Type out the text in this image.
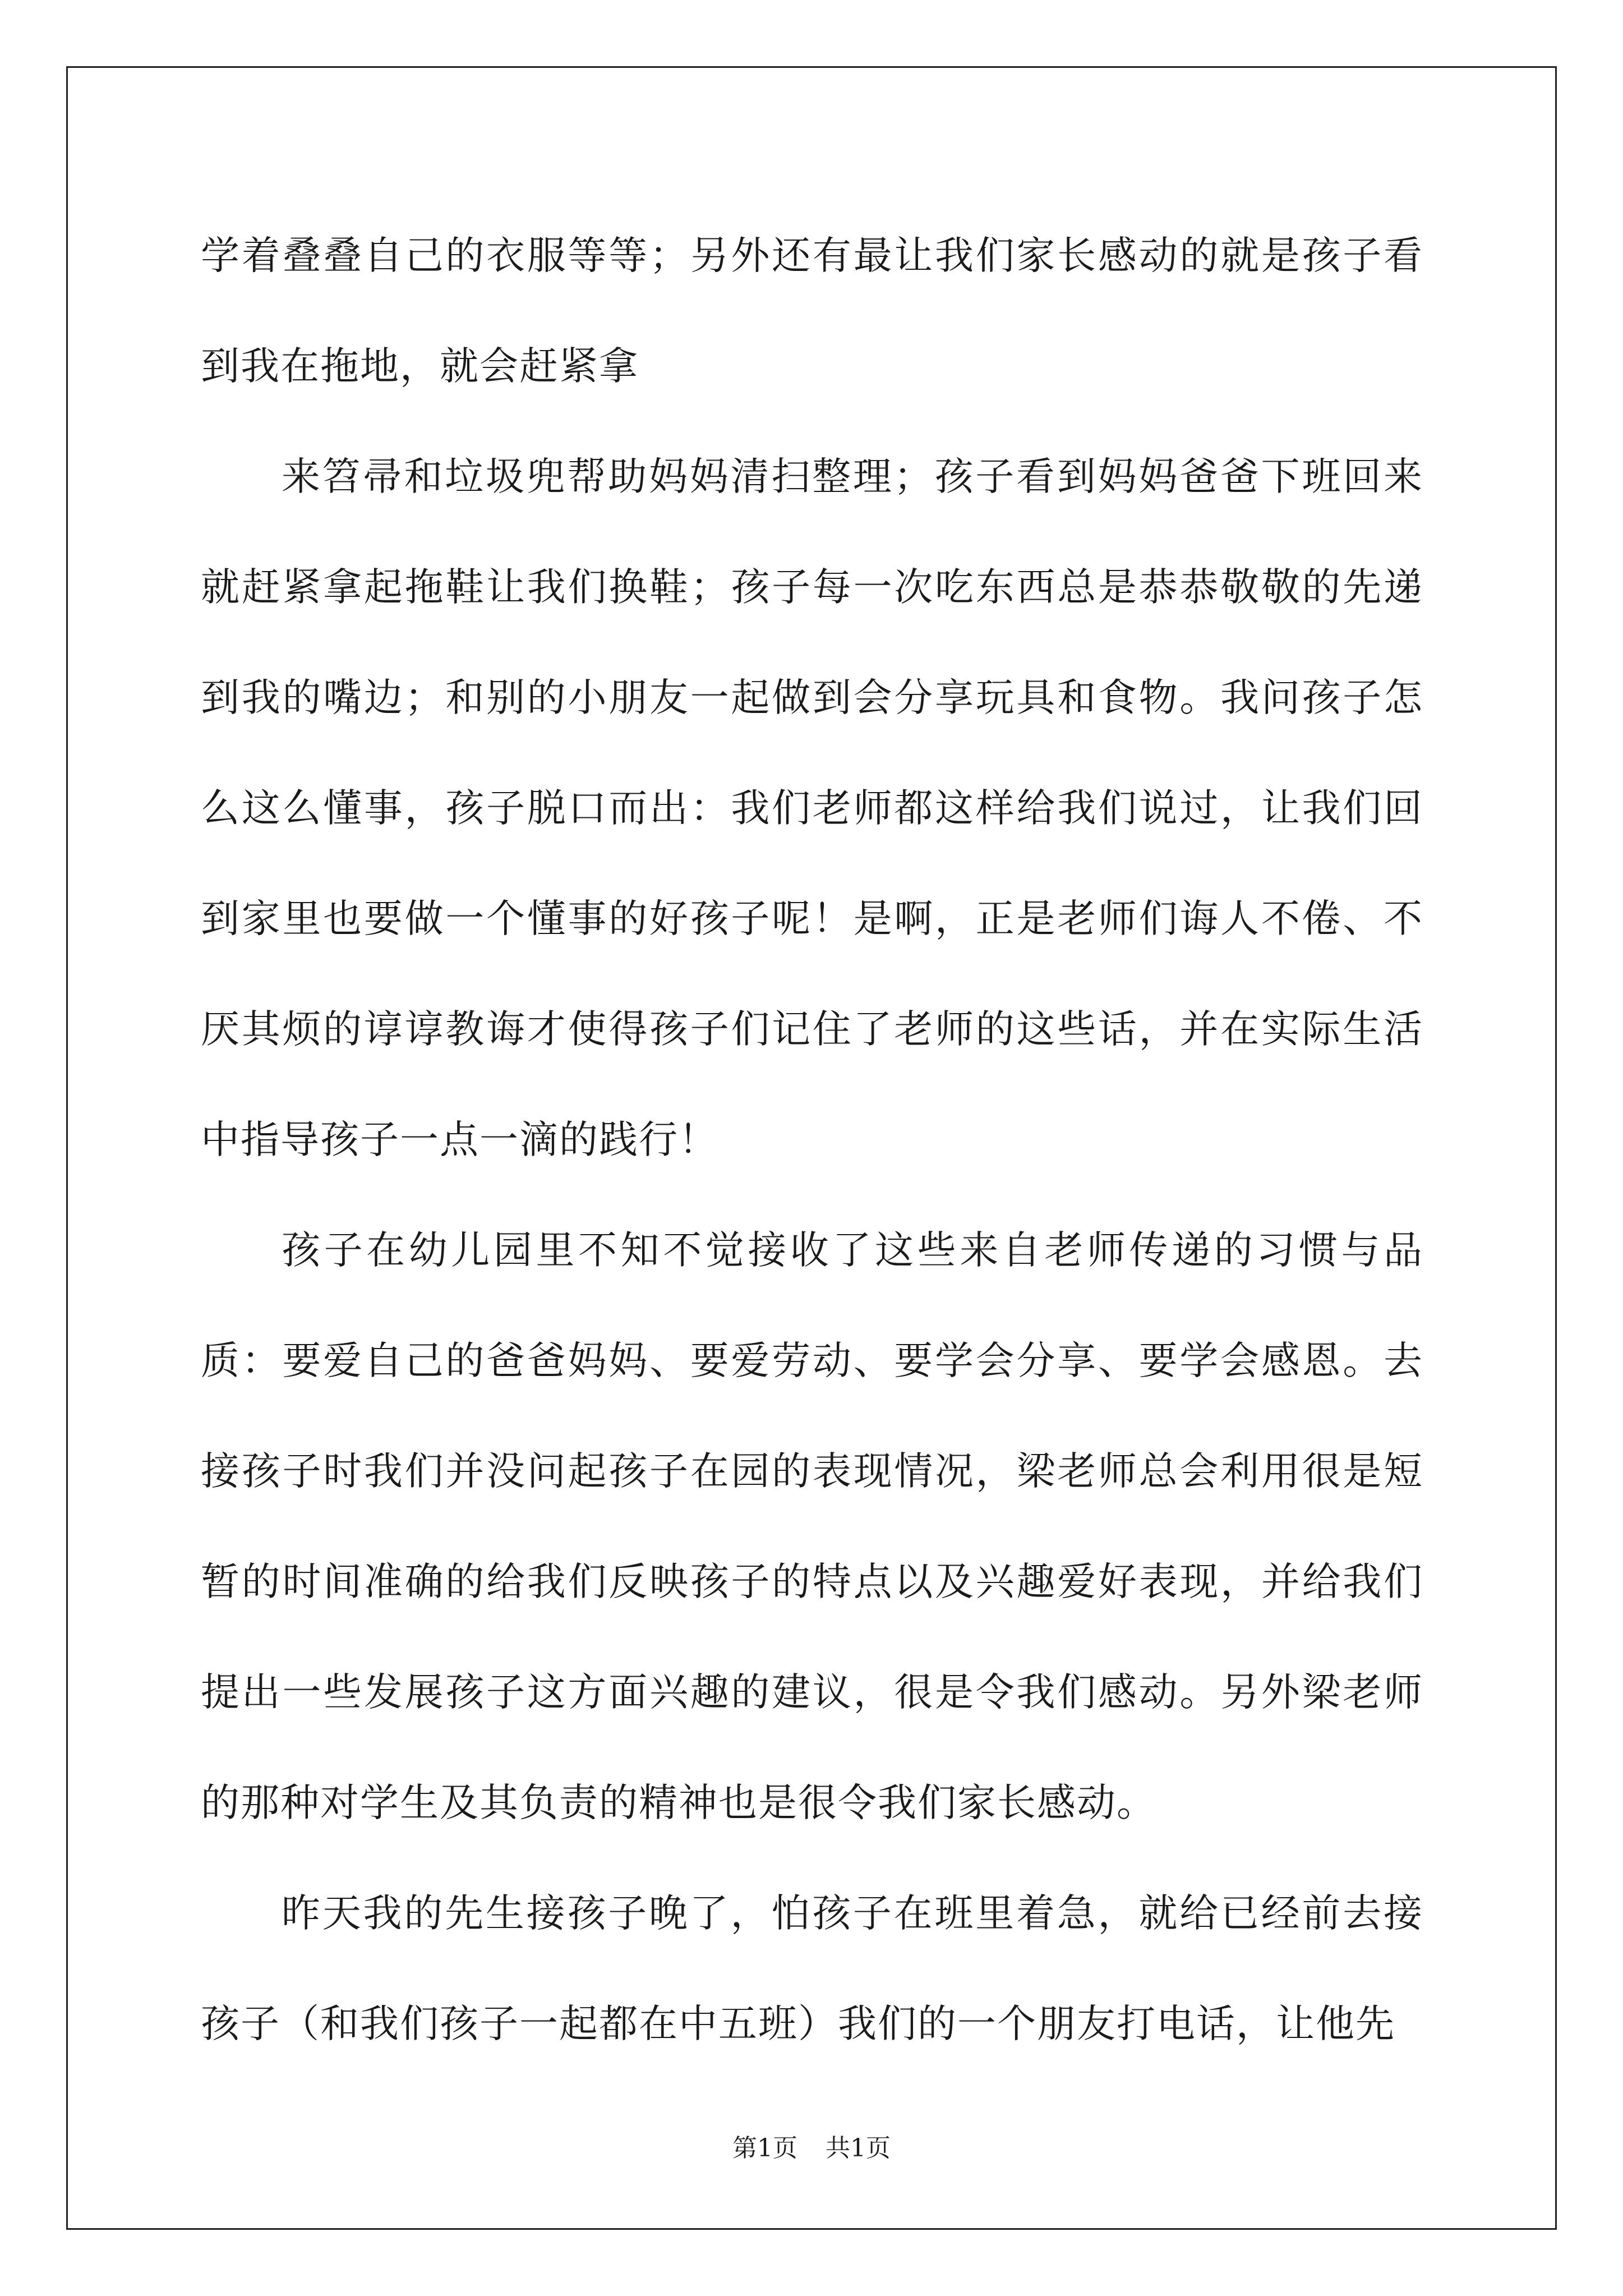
学着叠叠自己的衣服等等；另外还有最让我们家长感动的就是孩子看到我在拖地，就会赶紧拿

来笤帚和垃圾兜帮助妈妈清扫整理；孩子看到妈妈爸爸下班回来就赶紧拿起拖鞋让我们换鞋；孩子每一次吃东西总是恭恭敬敬的先递到我的嘴边；和别的小朋友一起做到会分享玩具和食物。我问孩子怎么这么懂事，孩子脱口而出：我们老师都这样给我们说过，让我们回到家里也要做一个懂事的好孩子呢！是啊，正是老师们诲人不倦、不厌其烦的谆谆教诲才使得孩子们记住了老师的这些话，并在实际生活中指导孩子一点一滴的践行！

孩子在幼儿园里不知不觉接收了这些来自老师传递的习惯与品质：要爱自己的爸爸妈妈、要爱劳动、要学会分享、要学会感恩。去接孩子时我们并没问起孩子在园的表现情况，梁老师总会利用很是短暂的时间准确的给我们反映孩子的特点以及兴趣爱好表现，并给我们提出一些发展孩子这方面兴趣的建议，很是令我们感动。另外梁老师的那种对学生及其负责的精神也是很令我们家长感动。

昨天我的先生接孩子晚了，怕孩子在班里着急，就给已经前去接孩子（和我们孩子一起都在中五班）我们的一个朋友打电话，让他先

第1页 共1页
